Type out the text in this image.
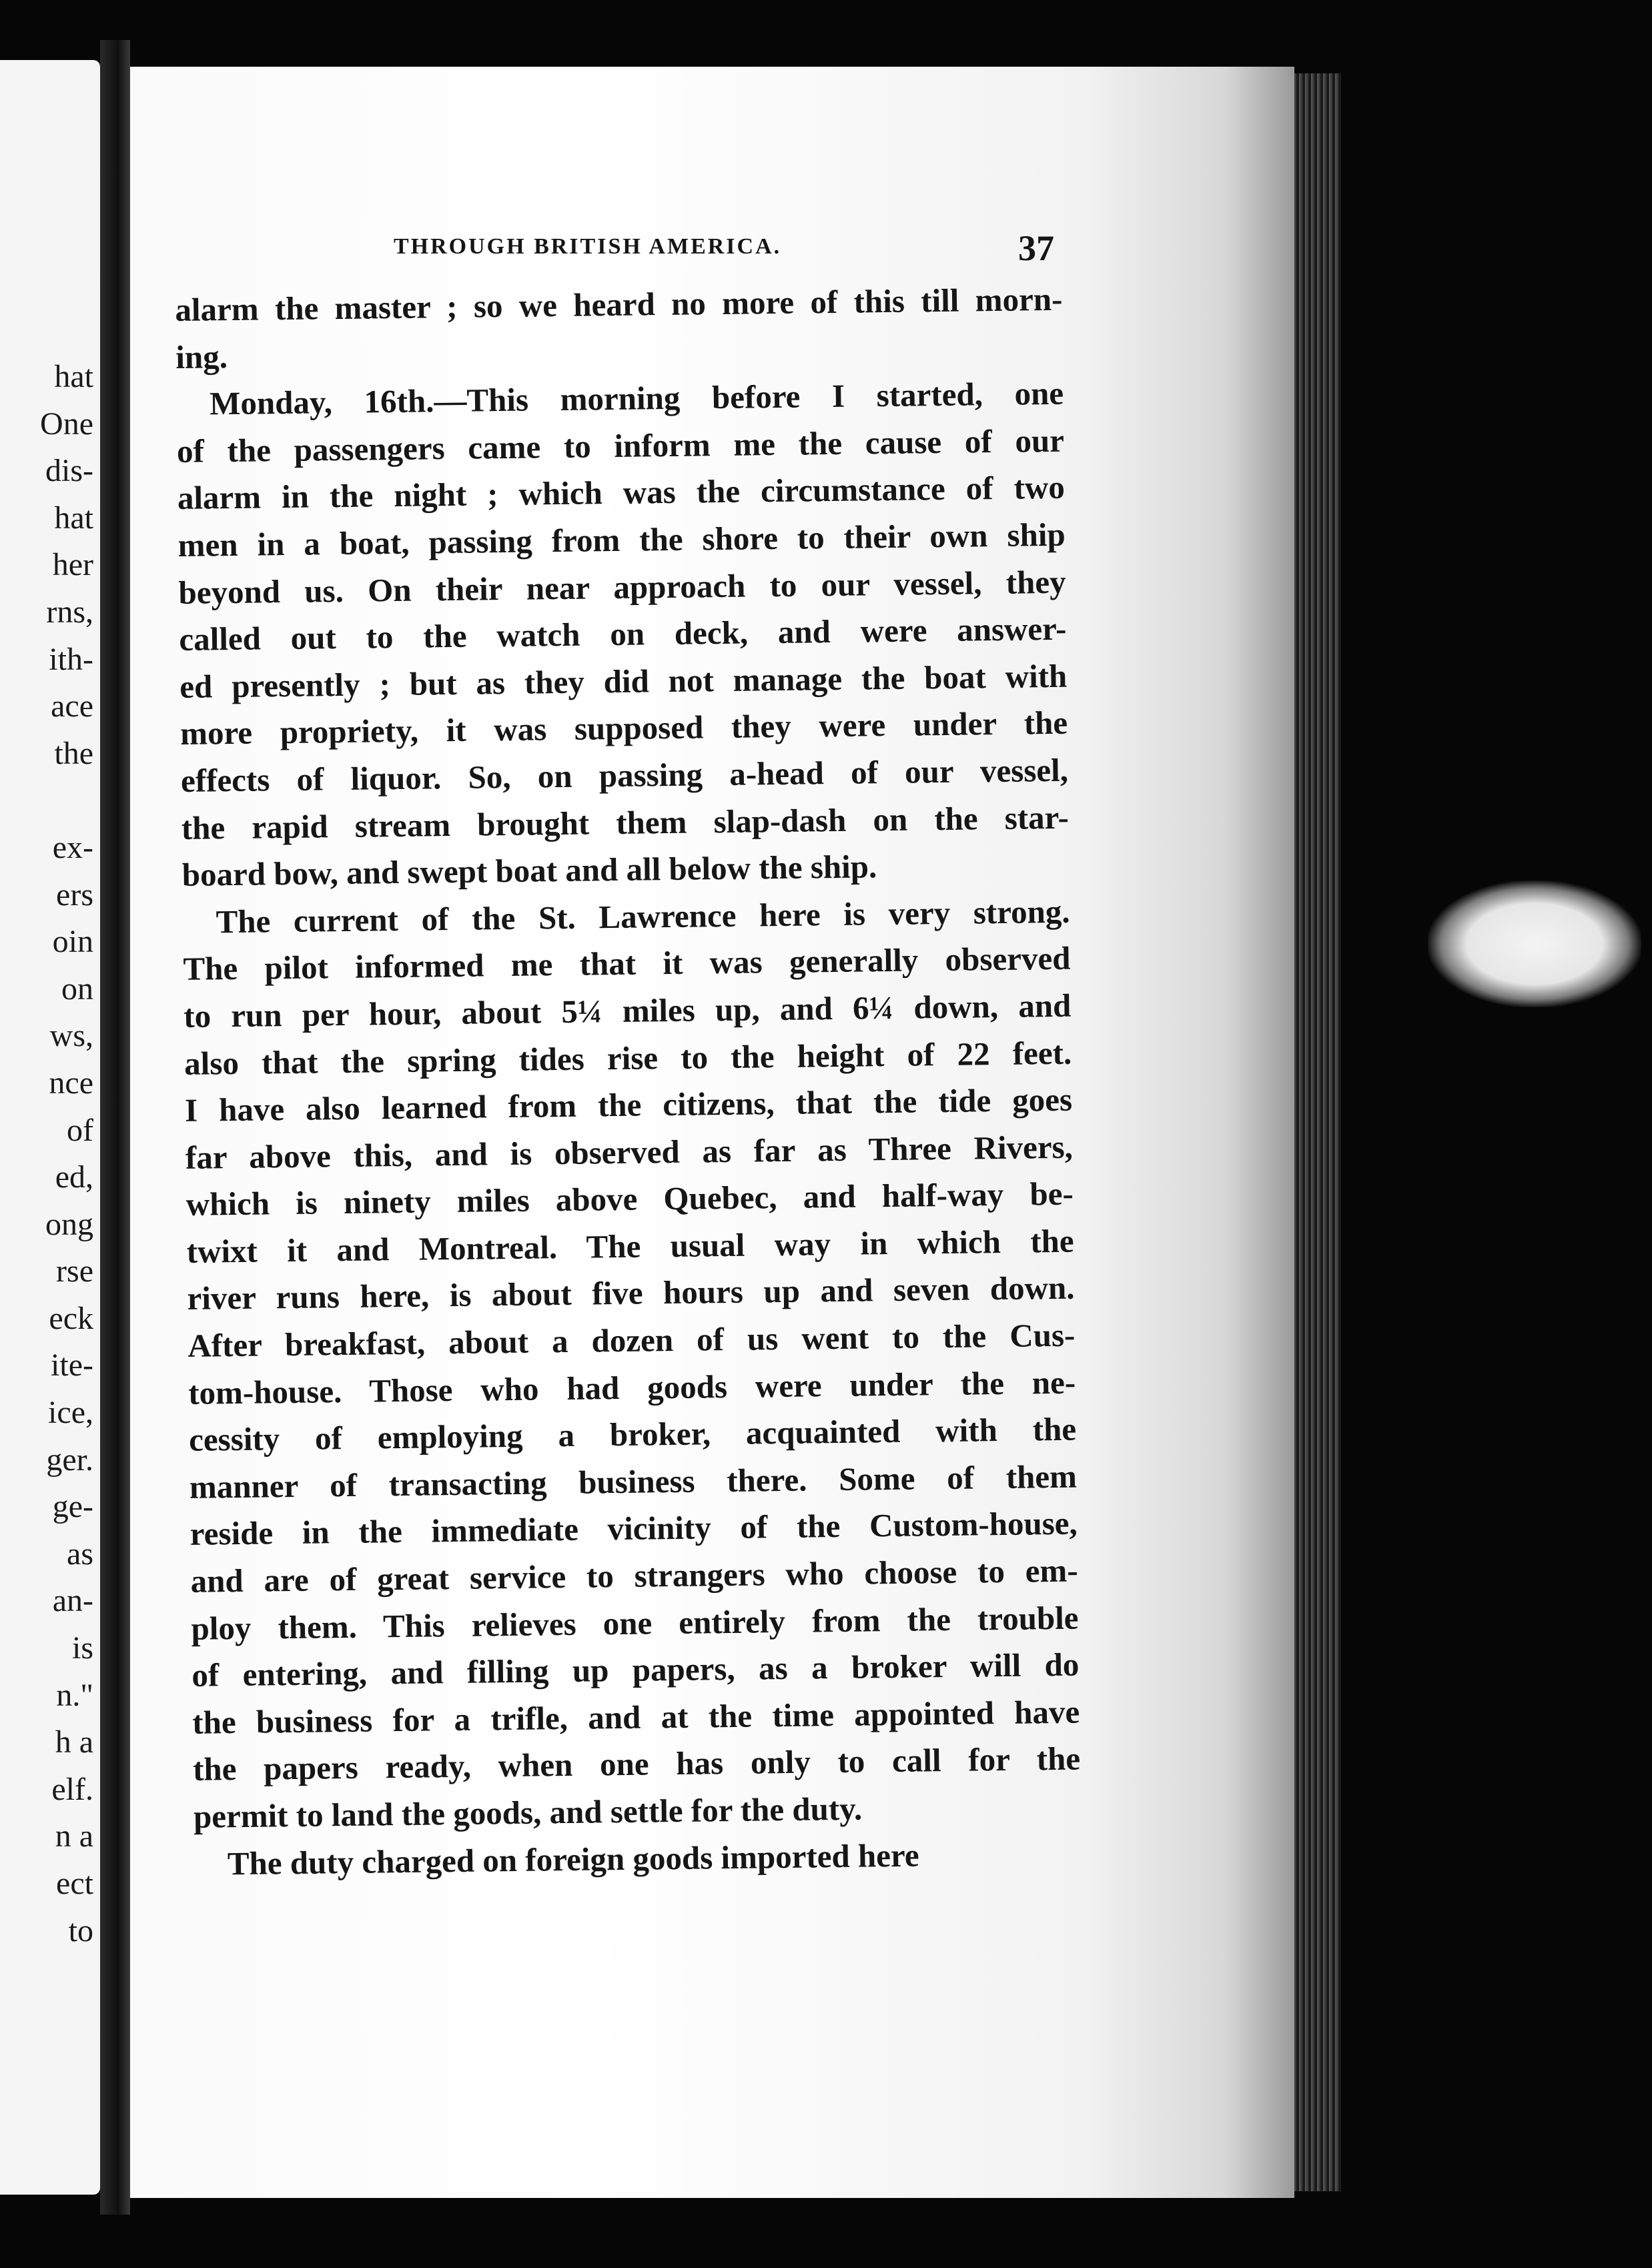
hat
One
dis-
hat
her
rns,
ith-
ace
the
ex-
ers
oin
on
ws,
nce
of
ed,
ong
rse
eck
ite-
ice,
ger.
ge-
as
an-
is
n."
h a
elf.
n a
ect
to
THROUGH BRITISH AMERICA.	37
alarm the master ; so we heard no more of this till morn-
ing.
Monday, 16th.—This morning before I started, one
of the passengers came to inform me the cause of our
alarm in the night ; which was the circumstance of two
men in a boat, passing from the shore to their own ship
beyond us. On their near approach to our vessel, they
called out to the watch on deck, and were answer-
ed presently ; but as they did not manage the boat with
more propriety, it was supposed they were under the
effects of liquor. So, on passing a-head of our vessel,
the rapid stream brought them slap-dash on the star-
board bow, and swept boat and all below the ship.
The current of the St. Lawrence here is very strong.
The pilot informed me that it was generally observed
to run per hour, about 5¼ miles up, and 6¼ down, and
also that the spring tides rise to the height of 22 feet.
I have also learned from the citizens, that the tide goes
far above this, and is observed as far as Three Rivers,
which is ninety miles above Quebec, and half-way be-
twixt it and Montreal. The usual way in which the
river runs here, is about five hours up and seven down.
After breakfast, about a dozen of us went to the Cus-
tom-house. Those who had goods were under the ne-
cessity of employing a broker, acquainted with the
manner of transacting business there. Some of them
reside in the immediate vicinity of the Custom-house,
and are of great service to strangers who choose to em-
ploy them. This relieves one entirely from the trouble
of entering, and filling up papers, as a broker will do
the business for a trifle, and at the time appointed have
the papers ready, when one has only to call for the
permit to land the goods, and settle for the duty.
The duty charged on foreign goods imported here
